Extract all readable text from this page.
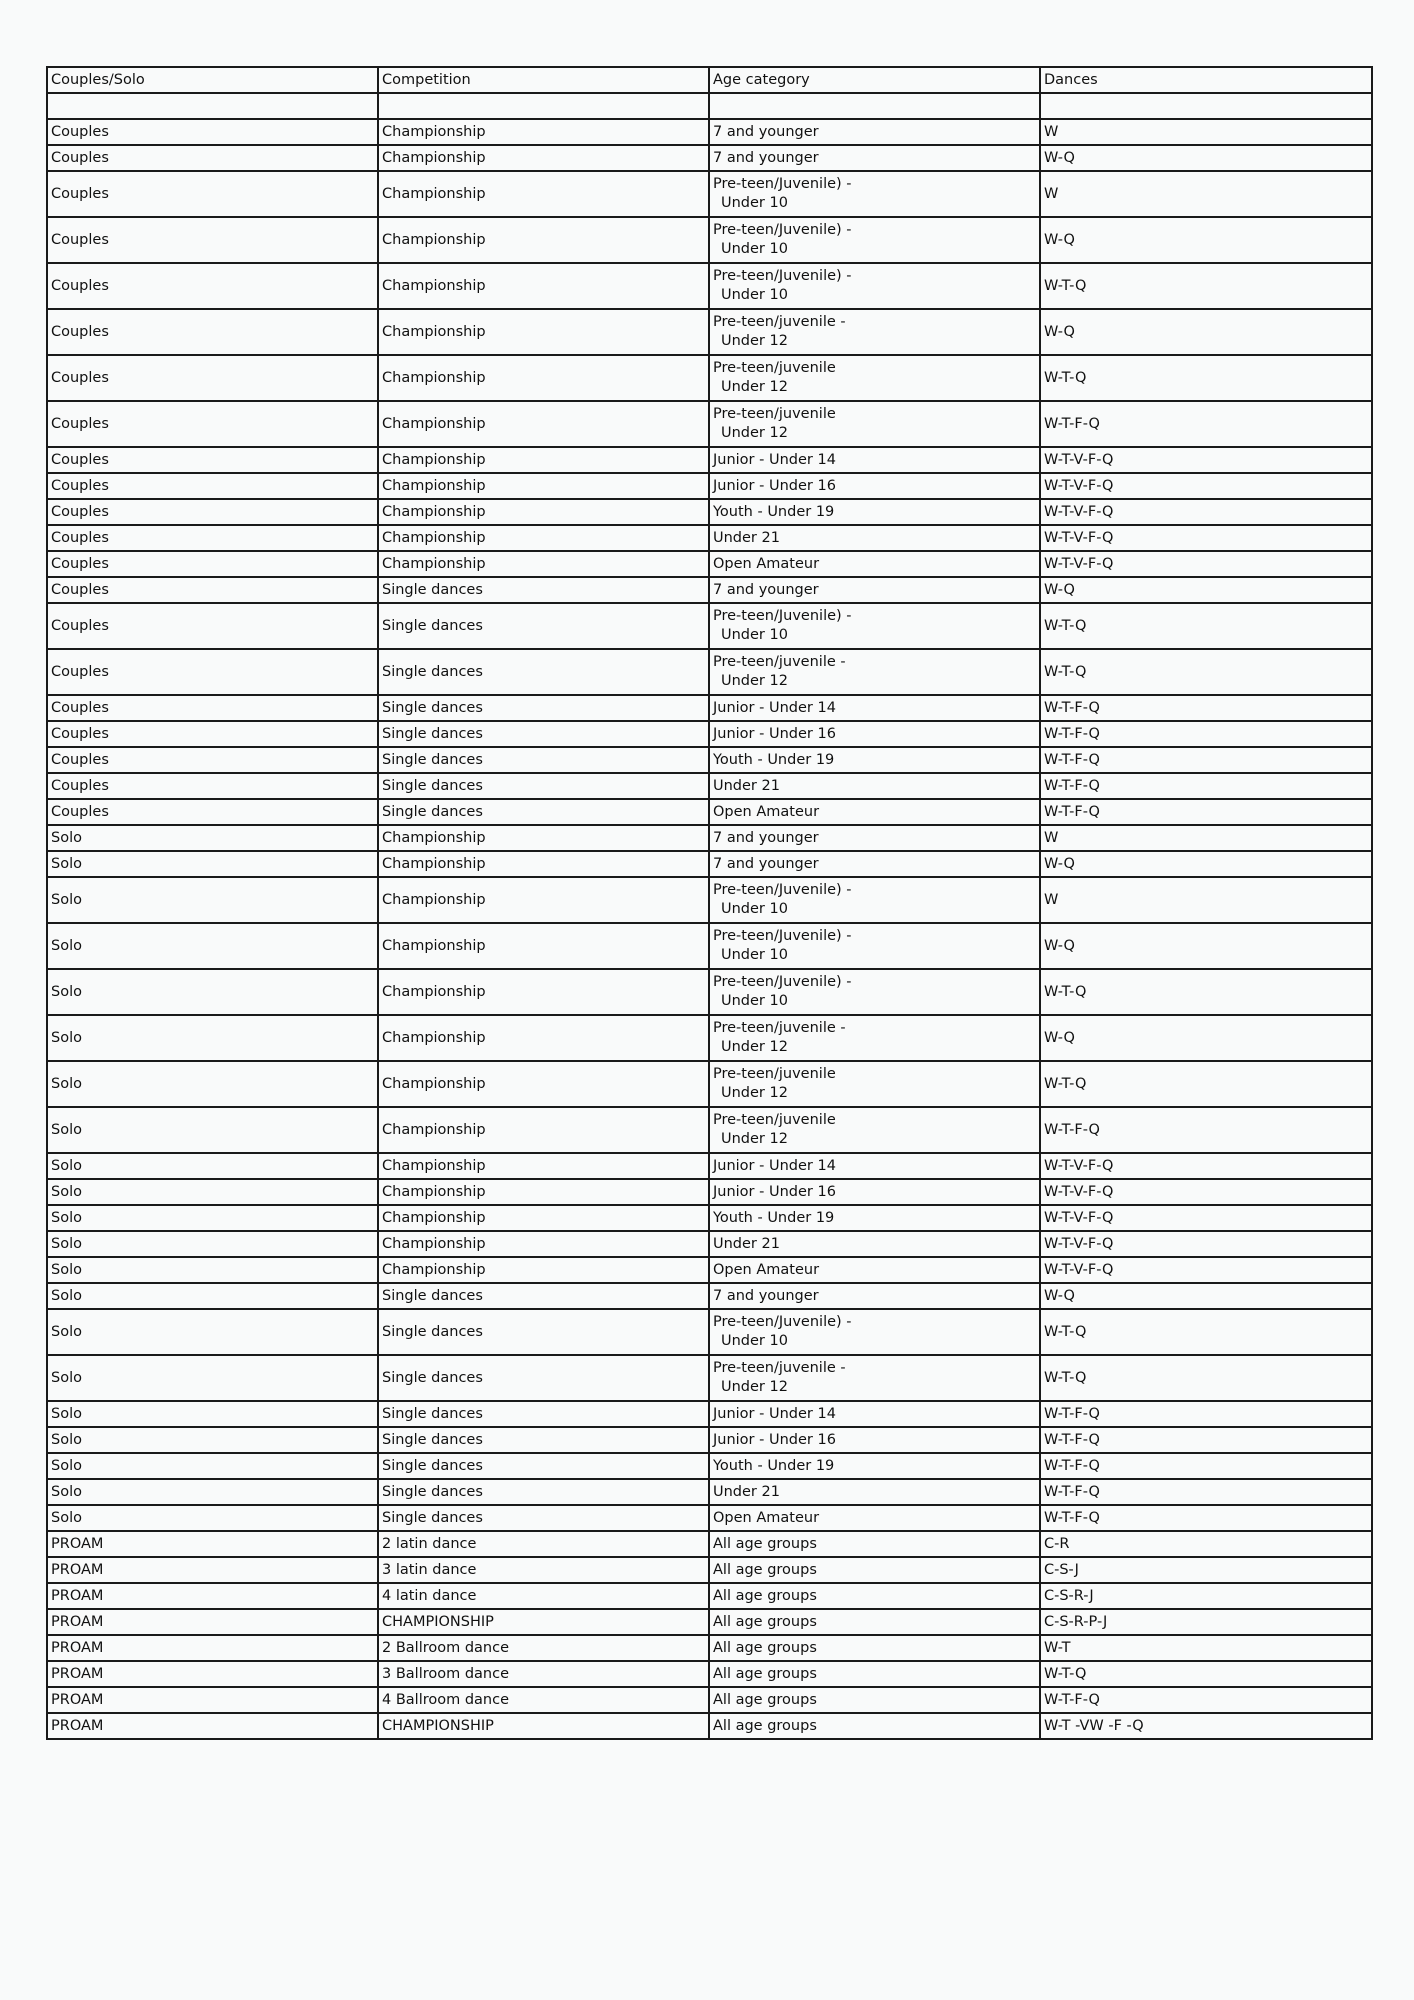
Couples/Solo	Competition	Age category	Dances

Couples	Championship	7 and younger	W

Couples	Championship	7 and younger	W-Q

Couples	Championship	Pre-teen/Juvenile) -
Under 10	W

Couples	Championship	Pre-teen/Juvenile) -
Under 10	W-Q

Couples	Championship	Pre-teen/Juvenile) -
Under 10	W-T-Q

Couples	Championship	Pre-teen/juvenile -
Under 12	W-Q

Couples	Championship	Pre-teen/juvenile
Under 12	W-T-Q

Couples	Championship	Pre-teen/juvenile
Under 12	W-T-F-Q

Couples	Championship	Junior - Under 14	W-T-V-F-Q

Couples	Championship	Junior - Under 16	W-T-V-F-Q

Couples	Championship	Youth - Under 19	W-T-V-F-Q

Couples	Championship	Under 21	W-T-V-F-Q

Couples	Championship	Open Amateur	W-T-V-F-Q

Couples	Single dances	7 and younger	W-Q

Couples	Single dances	Pre-teen/Juvenile) -
Under 10	W-T-Q

Couples	Single dances	Pre-teen/juvenile -
Under 12	W-T-Q

Couples	Single dances	Junior - Under 14	W-T-F-Q

Couples	Single dances	Junior - Under 16	W-T-F-Q

Couples	Single dances	Youth - Under 19	W-T-F-Q

Couples	Single dances	Under 21	W-T-F-Q

Couples	Single dances	Open Amateur	W-T-F-Q

Solo	Championship	7 and younger	W

Solo	Championship	7 and younger	W-Q

Solo	Championship	Pre-teen/Juvenile) -
Under 10	W

Solo	Championship	Pre-teen/Juvenile) -
Under 10	W-Q

Solo	Championship	Pre-teen/Juvenile) -
Under 10	W-T-Q

Solo	Championship	Pre-teen/juvenile -
Under 12	W-Q

Solo	Championship	Pre-teen/juvenile
Under 12	W-T-Q

Solo	Championship	Pre-teen/juvenile
Under 12	W-T-F-Q

Solo	Championship	Junior - Under 14	W-T-V-F-Q

Solo	Championship	Junior - Under 16	W-T-V-F-Q

Solo	Championship	Youth - Under 19	W-T-V-F-Q

Solo	Championship	Under 21	W-T-V-F-Q

Solo	Championship	Open Amateur	W-T-V-F-Q

Solo	Single dances	7 and younger	W-Q

Solo	Single dances	Pre-teen/Juvenile) -
Under 10	W-T-Q

Solo	Single dances	Pre-teen/juvenile -
Under 12	W-T-Q

Solo	Single dances	Junior - Under 14	W-T-F-Q

Solo	Single dances	Junior - Under 16	W-T-F-Q

Solo	Single dances	Youth - Under 19	W-T-F-Q

Solo	Single dances	Under 21	W-T-F-Q

Solo	Single dances	Open Amateur	W-T-F-Q

PROAM	2 latin dance	All age groups	C-R

PROAM	3 latin dance	All age groups	C-S-J

PROAM	4 latin dance	All age groups	C-S-R-J

PROAM	CHAMPIONSHIP	All age groups	C-S-R-P-J

PROAM	2 Ballroom dance	All age groups	W-T

PROAM	3 Ballroom dance	All age groups	W-T-Q

PROAM	4 Ballroom dance	All age groups	W-T-F-Q

PROAM	CHAMPIONSHIP	All age groups	W-T -VW -F -Q
